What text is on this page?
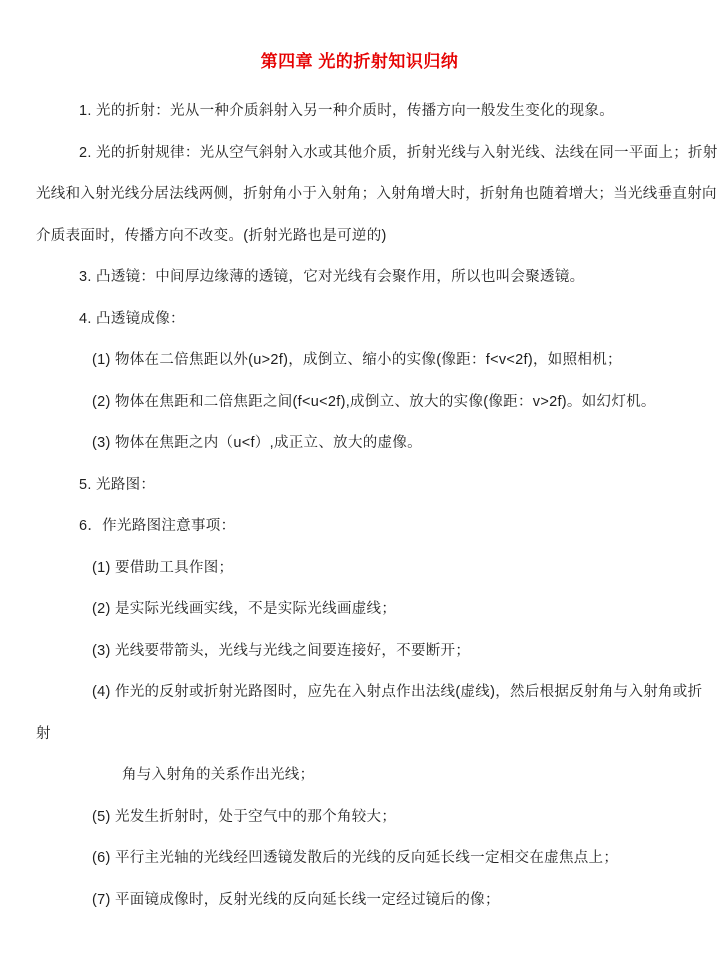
第四章 光的折射知识归纳
1. 光的折射：光从一种介质斜射入另一种介质时，传播方向一般发生变化的现象。
2. 光的折射规律：光从空气斜射入水或其他介质，折射光线与入射光线、法线在同一平面上；折射
光线和入射光线分居法线两侧，折射角小于入射角；入射角增大时，折射角也随着增大；当光线垂直射向
介质表面时，传播方向不改变。(折射光路也是可逆的)
3. 凸透镜：中间厚边缘薄的透镜，它对光线有会聚作用，所以也叫会聚透镜。
4. 凸透镜成像：
(1) 物体在二倍焦距以外(u>2f)，成倒立、缩小的实像(像距：f<v<2f)，如照相机；
(2) 物体在焦距和二倍焦距之间(f<u<2f),成倒立、放大的实像(像距：v>2f)。如幻灯机。
(3) 物体在焦距之内（u<f）,成正立、放大的虚像。
5. 光路图：
6．作光路图注意事项：
(1) 要借助工具作图；
(2) 是实际光线画实线，不是实际光线画虚线；
(3) 光线要带箭头，光线与光线之间要连接好，不要断开；
(4) 作光的反射或折射光路图时，应先在入射点作出法线(虚线)，然后根据反射角与入射角或折
射
角与入射角的关系作出光线；
(5) 光发生折射时，处于空气中的那个角较大；
(6) 平行主光轴的光线经凹透镜发散后的光线的反向延长线一定相交在虚焦点上；
(7) 平面镜成像时，反射光线的反向延长线一定经过镜后的像；
